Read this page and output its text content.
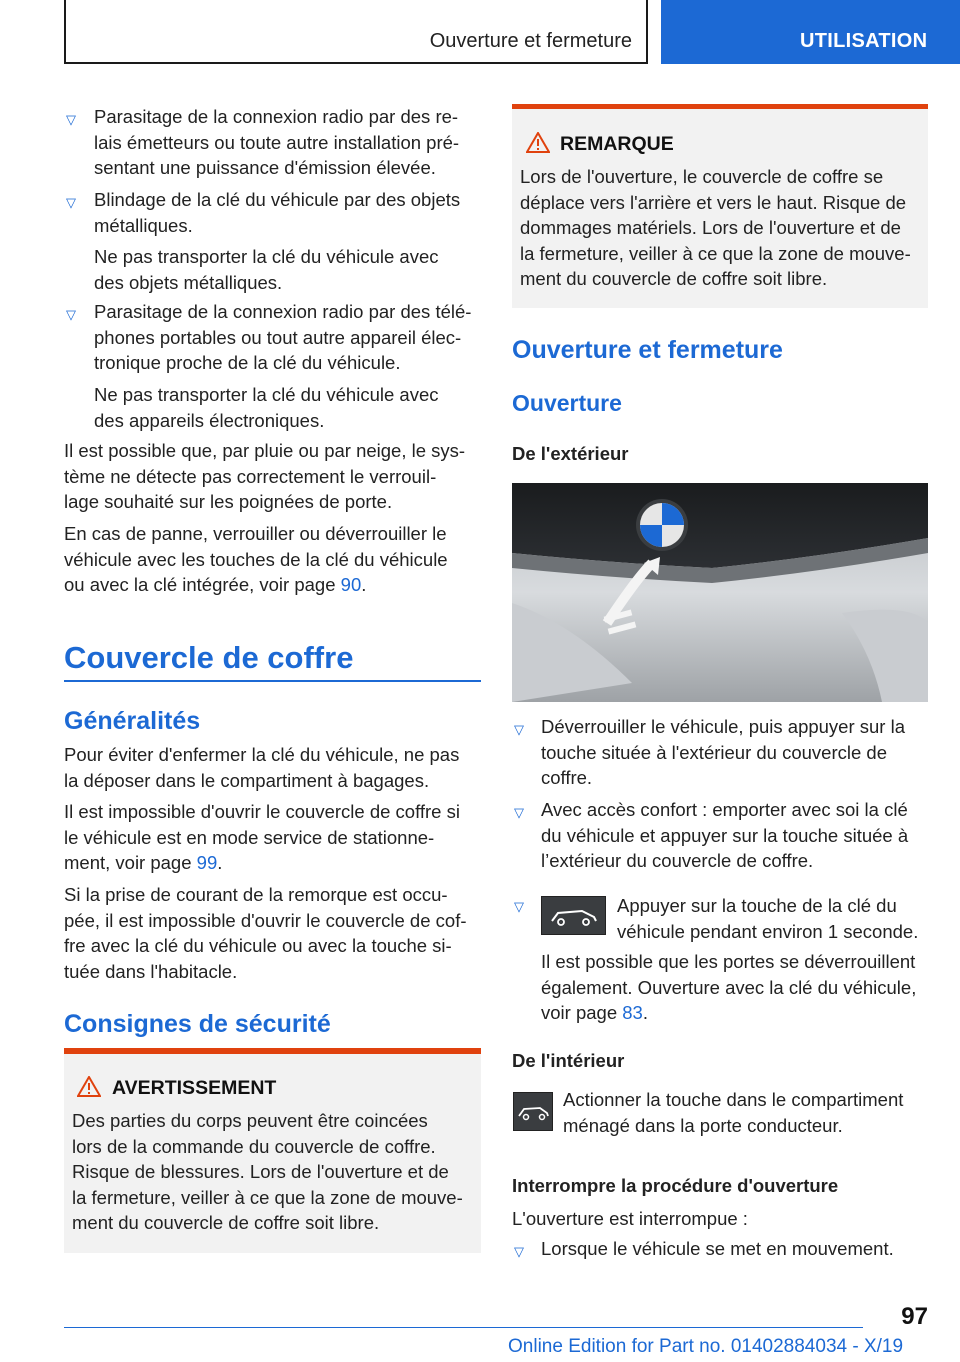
Ouverture et fermeture	UTILISATION
▽ Parasitage de la connexion radio par des re-
lais émetteurs ou toute autre installation pré-
sentant une puissance d'émission élevée.

▽ Blindage de la clé du véhicule par des objets
métalliques.

Ne pas transporter la clé du véhicule avec
des objets métalliques.

▽ Parasitage de la connexion radio par des télé-
phones portables ou tout autre appareil élec-
tronique proche de la clé du véhicule.

Ne pas transporter la clé du véhicule avec
des appareils électroniques.

Il est possible que, par pluie ou par neige, le sys-
tème ne détecte pas correctement le verrouil-
lage souhaité sur les poignées de porte.

En cas de panne, verrouiller ou déverrouiller le
véhicule avec les touches de la clé du véhicule
ou avec la clé intégrée, voir page 90.

Couvercle de coffre
Généralités

Pour éviter d'enfermer la clé du véhicule, ne pas
la déposer dans le compartiment à bagages.

Il est impossible d'ouvrir le couvercle de coffre si
le véhicule est en mode service de stationne-
ment, voir page 99.

Si la prise de courant de la remorque est occu-
pée, il est impossible d'ouvrir le couvercle de cof-
fre avec la clé du véhicule ou avec la touche si-
tuée dans l'habitacle.

Consignes de sécurité
AVERTISSEMENT

Des parties du corps peuvent être coincées
lors de la commande du couvercle de coffre.
Risque de blessures. Lors de l'ouverture et de
la fermeture, veiller à ce que la zone de mouve-
ment du couvercle de coffre soit libre.

REMARQUE

Lors de l'ouverture, le couvercle de coffre se
déplace vers l'arrière et vers le haut. Risque de
dommages matériels. Lors de l'ouverture et de
la fermeture, veiller à ce que la zone de mouve-
ment du couvercle de coffre soit libre.

Ouverture et fermeture
Ouverture
De l'extérieur
▽ Déverrouiller le véhicule, puis appuyer sur la
touche située à l'extérieur du couvercle de
coffre.

▽ Avec accès confort : emporter avec soi la clé
du véhicule et appuyer sur la touche située à
l’extérieur du couvercle de coffre.

▽	Appuyer sur la touche de la clé du
véhicule pendant environ 1 seconde.

Il est possible que les portes se déverrouillent
également. Ouverture avec la clé du véhicule,
voir page 83.

De l'intérieur

Actionner la touche dans le compartiment
ménagé dans la porte conducteur.

Interrompre la procédure d'ouverture

L'ouverture est interrompue :

▽ Lorsque le véhicule se met en mouvement.

97
Online Edition for Part no. 01402884034 - X/19
